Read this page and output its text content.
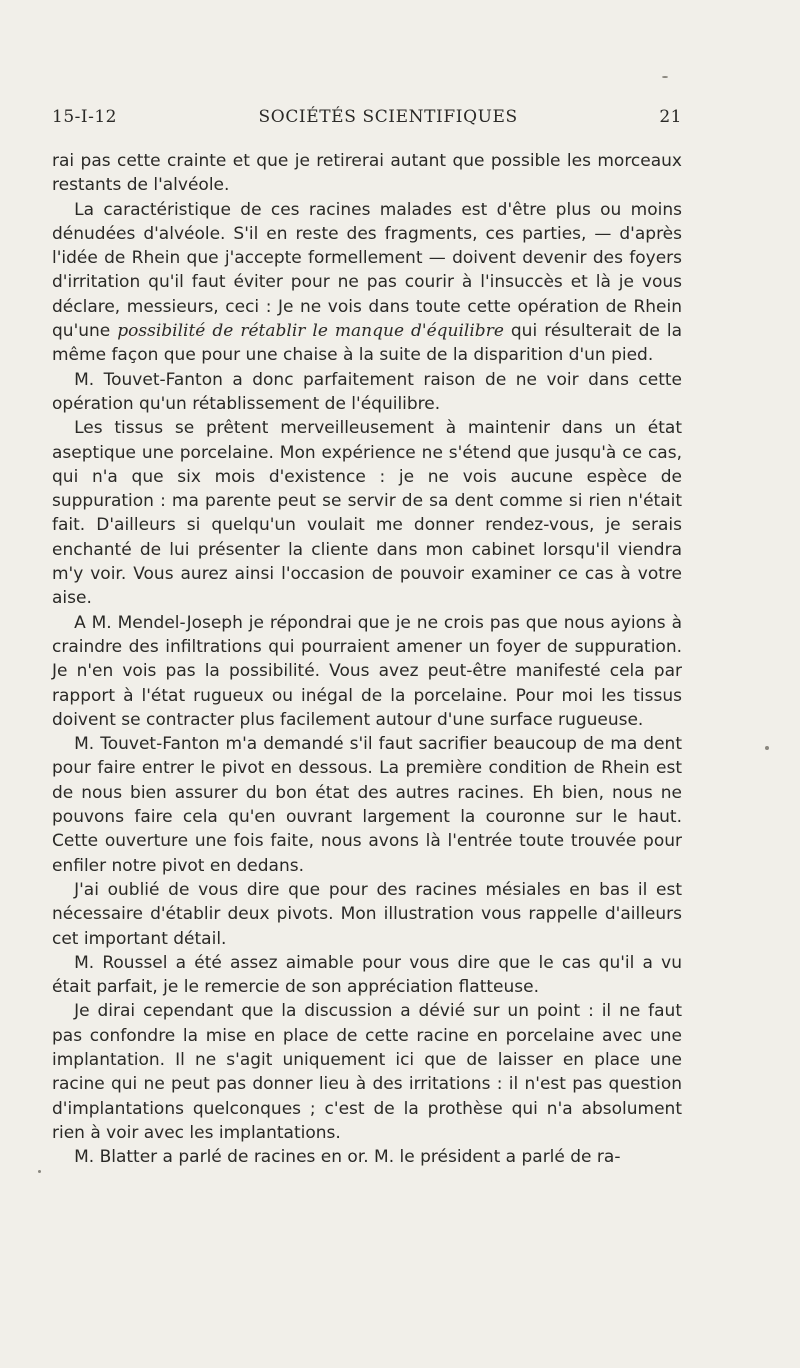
15-I-12	SOCIÉTÉS SCIENTIFIQUES	21

rai pas cette crainte et que je retirerai autant que possible les morceaux restants de l'alvéole.

La caractéristique de ces racines malades est d'être plus ou moins dénudées d'alvéole. S'il en reste des fragments, ces parties, — d'après l'idée de Rhein que j'accepte formellement — doivent devenir des foyers d'irritation qu'il faut éviter pour ne pas courir à l'insuccès et là je vous déclare, messieurs, ceci : Je ne vois dans toute cette opération de Rhein qu'une possibilité de rétablir le manque d'équilibre qui résulterait de la même façon que pour une chaise à la suite de la disparition d'un pied.

M. Touvet-Fanton a donc parfaitement raison de ne voir dans cette opération qu'un rétablissement de l'équilibre.

Les tissus se prêtent merveilleusement à maintenir dans un état aseptique une porcelaine. Mon expérience ne s'étend que jusqu'à ce cas, qui n'a que six mois d'existence : je ne vois aucune espèce de suppuration : ma parente peut se servir de sa dent comme si rien n'était fait. D'ailleurs si quelqu'un voulait me donner rendez-vous, je serais enchanté de lui présenter la cliente dans mon cabinet lorsqu'il viendra m'y voir. Vous aurez ainsi l'occasion de pouvoir examiner ce cas à votre aise.

A M. Mendel-Joseph je répondrai que je ne crois pas que nous ayions à craindre des infiltrations qui pourraient amener un foyer de suppuration. Je n'en vois pas la possibilité. Vous avez peut-être manifesté cela par rapport à l'état rugueux ou inégal de la porcelaine. Pour moi les tissus doivent se contracter plus facilement autour d'une surface rugueuse.

M. Touvet-Fanton m'a demandé s'il faut sacrifier beaucoup de ma dent pour faire entrer le pivot en dessous. La première condition de Rhein est de nous bien assurer du bon état des autres racines. Eh bien, nous ne pouvons faire cela qu'en ouvrant largement la couronne sur le haut. Cette ouverture une fois faite, nous avons là l'entrée toute trouvée pour enfiler notre pivot en dedans.

J'ai oublié de vous dire que pour des racines mésiales en bas il est nécessaire d'établir deux pivots. Mon illustration vous rappelle d'ailleurs cet important détail.

M. Roussel a été assez aimable pour vous dire que le cas qu'il a vu était parfait, je le remercie de son appréciation flatteuse.

Je dirai cependant que la discussion a dévié sur un point : il ne faut pas confondre la mise en place de cette racine en porcelaine avec une implantation. Il ne s'agit uniquement ici que de laisser en place une racine qui ne peut pas donner lieu à des irritations : il n'est pas question d'implantations quelconques ; c'est de la prothèse qui n'a absolument rien à voir avec les implantations.

M. Blatter a parlé de racines en or. M. le président a parlé de ra-
